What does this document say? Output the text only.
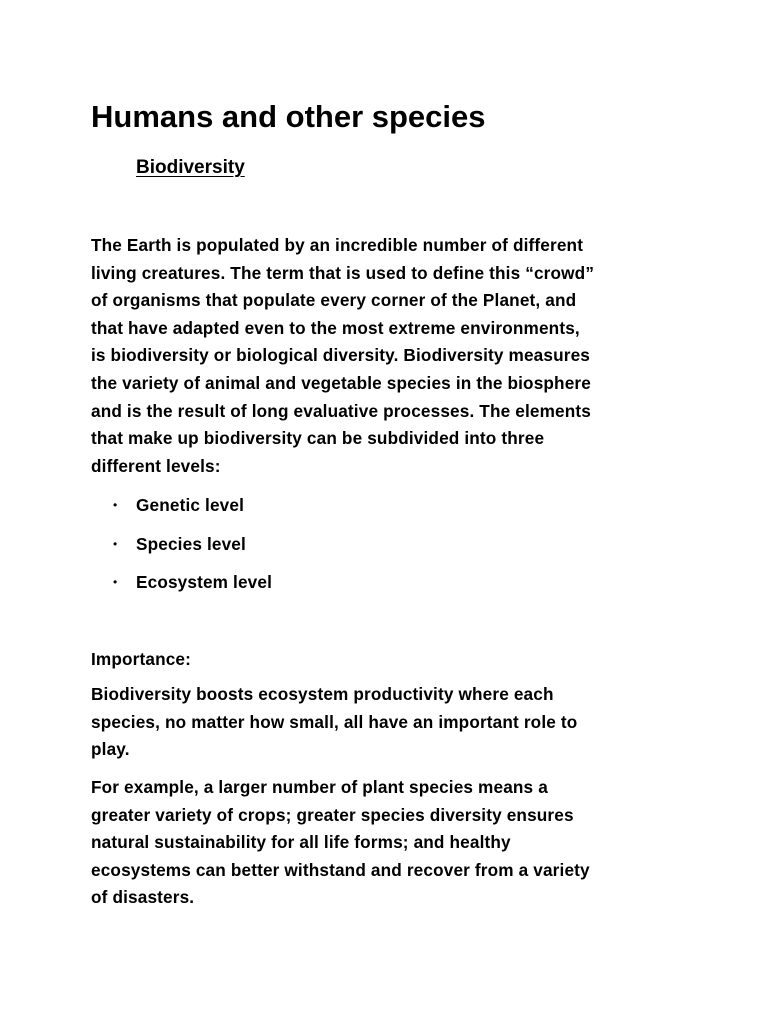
Humans and other species
Biodiversity

The Earth is populated by an incredible number of different
living creatures. The term that is used to define this “crowd”
of organisms that populate every corner of the Planet, and
that have adapted even to the most extreme environments,
is biodiversity or biological diversity. Biodiversity measures
the variety of animal and vegetable species in the biosphere
and is the result of long evaluative processes. The elements
that make up biodiversity can be subdivided into three
different levels:

• Genetic level
• Species level
• Ecosystem level

Importance:

Biodiversity boosts ecosystem productivity where each
species, no matter how small, all have an important role to
play.

For example, a larger number of plant species means a
greater variety of crops; greater species diversity ensures
natural sustainability for all life forms; and healthy
ecosystems can better withstand and recover from a variety
of disasters.
